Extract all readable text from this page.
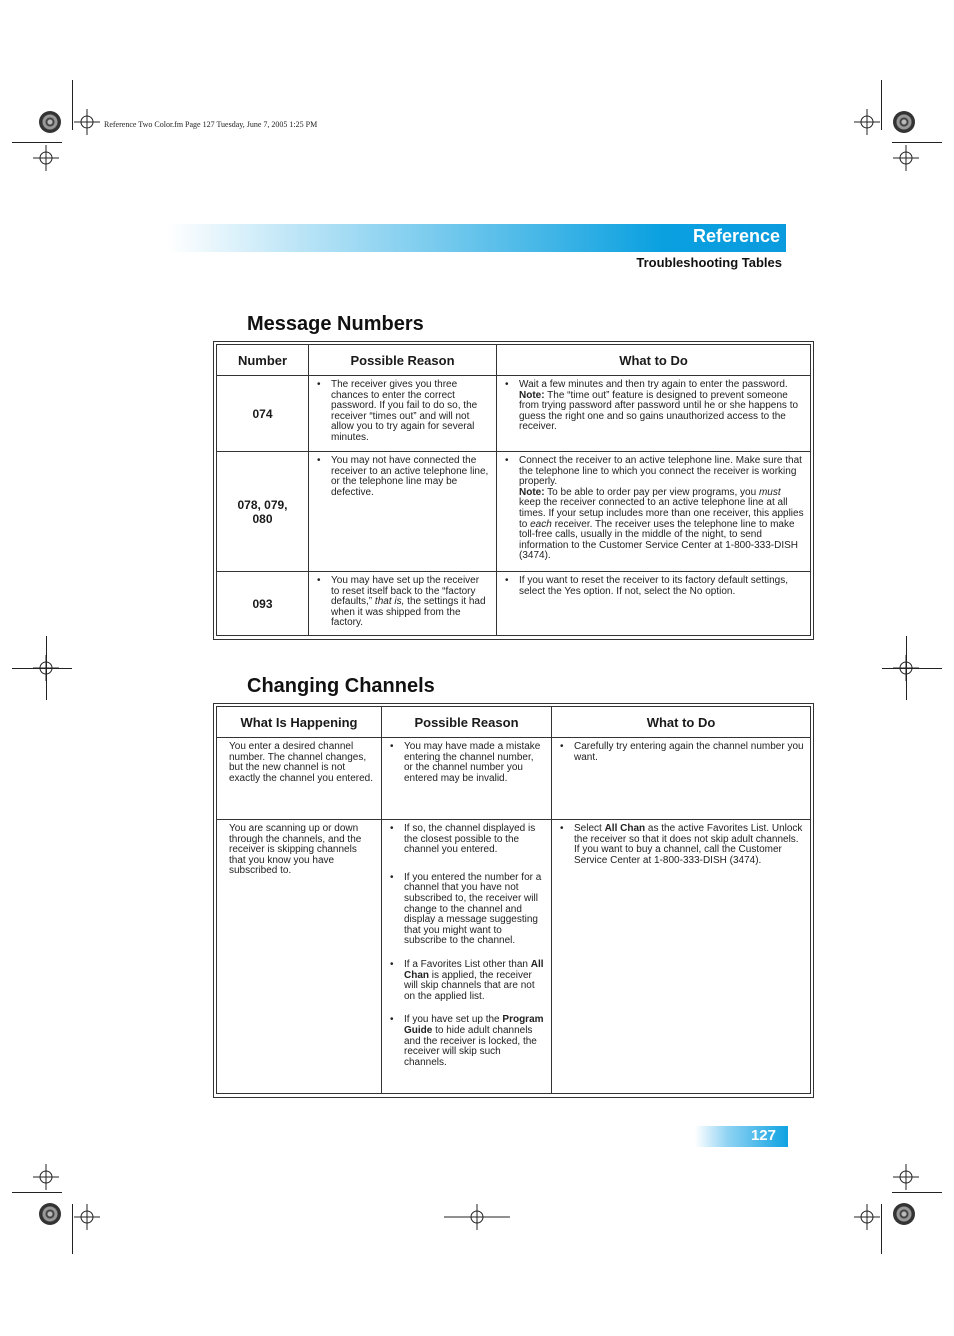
Reference Two Color.fm Page 127 Tuesday, June 7, 2005 1:25 PM
Reference
Troubleshooting Tables
Message Numbers
Number	Possible Reason	What to Do
074	• The receiver gives you three chances to enter the correct password. If you fail to do so, the receiver “times out” and will not allow you to try again for several minutes.	• Wait a few minutes and then try again to enter the password.
Note: The “time out” feature is designed to prevent someone from trying password after password until he or she happens to guess the right one and so gains unauthorized access to the receiver.

078, 079, 080	• You may not have connected the receiver to an active telephone line, or the telephone line may be defective.	• Connect the receiver to an active telephone line. Make sure that the telephone line to which you connect the receiver is working properly.
Note: To be able to order pay per view programs, you must keep the receiver connected to an active telephone line at all times. If your setup includes more than one receiver, this applies to each receiver. The receiver uses the telephone line to make toll-free calls, usually in the middle of the night, to send information to the Customer Service Center at 1-800-333-DISH (3474).

093	• You may have set up the receiver to reset itself back to the “factory defaults,” that is, the settings it had when it was shipped from the factory.	• If you want to reset the receiver to its factory default settings, select the Yes option. If not, select the No option.
Changing Channels
What Is Happening	Possible Reason	What to Do
You enter a desired channel number. The channel changes, but the new channel is not exactly the channel you entered.	• You may have made a mistake entering the channel number, or the channel number you entered may be invalid.	• Carefully try entering again the channel number you want.

You are scanning up or down through the channels, and the receiver is skipping channels that you know you have subscribed to.	• If so, the channel displayed is the closest possible to the channel you entered.
• If you entered the number for a channel that you have not subscribed to, the receiver will change to the channel and display a message suggesting that you might want to subscribe to the channel.
• If a Favorites List other than All Chan is applied, the receiver will skip channels that are not on the applied list.
• If you have set up the Program Guide to hide adult channels and the receiver is locked, the receiver will skip such channels.	• Select All Chan as the active Favorites List. Unlock the receiver so that it does not skip adult channels. If you want to buy a channel, call the Customer Service Center at 1-800-333-DISH (3474).
127
